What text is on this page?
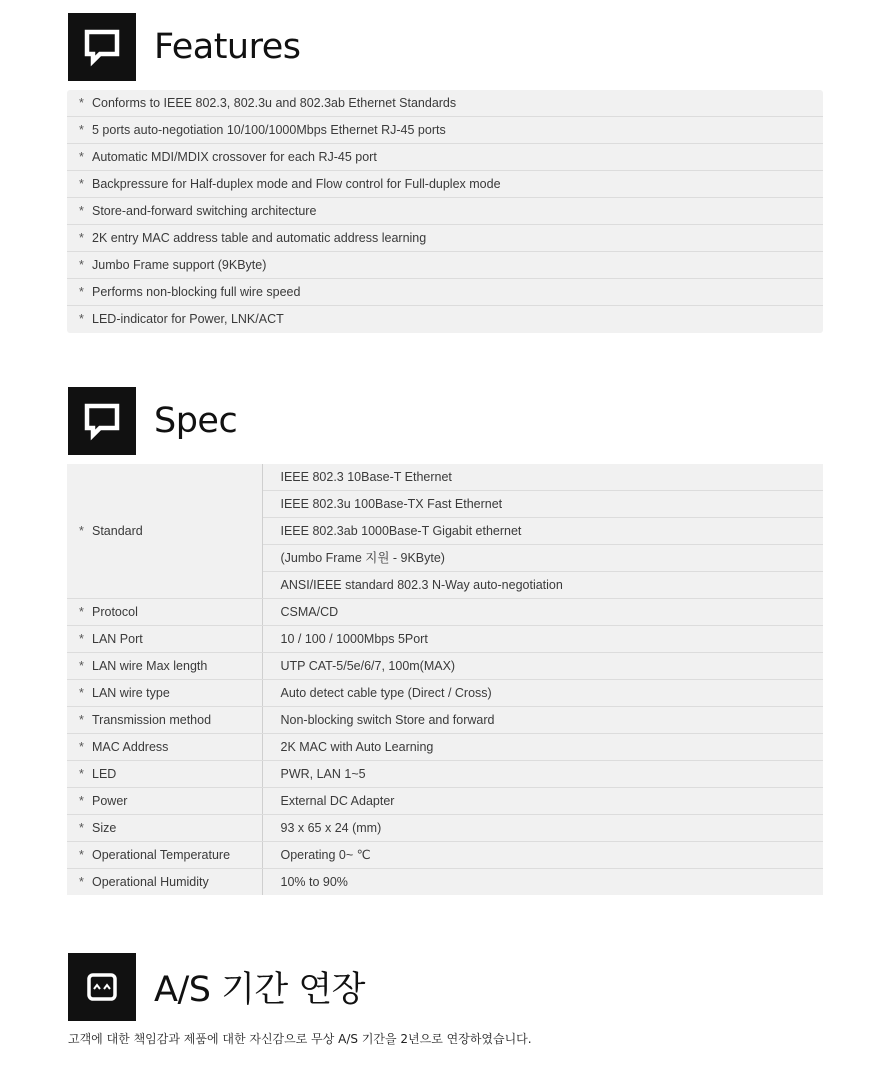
Features
* Conforms to IEEE 802.3, 802.3u and 802.3ab Ethernet Standards
* 5 ports auto-negotiation 10/100/1000Mbps Ethernet RJ-45 ports
* Automatic MDI/MDIX crossover for each RJ-45 port
* Backpressure for Half-duplex mode and Flow control for Full-duplex mode
* Store-and-forward switching architecture
* 2K entry MAC address table and automatic address learning
* Jumbo Frame support (9KByte)
* Performs non-blocking full wire speed
* LED-indicator for Power, LNK/ACT
Spec
* Standard	IEEE 802.3 10Base-T Ethernet
	IEEE 802.3u 100Base-TX Fast Ethernet
	IEEE 802.3ab 1000Base-T Gigabit ethernet
	(Jumbo Frame 지원 - 9KByte)
	ANSI/IEEE standard 802.3 N-Way auto-negotiation
* Protocol	CSMA/CD
* LAN Port	10 / 100 / 1000Mbps 5Port
* LAN wire Max length	UTP CAT-5/5e/6/7, 100m(MAX)
* LAN wire type	Auto detect cable type (Direct / Cross)
* Transmission method	Non-blocking switch Store and forward
* MAC Address	2K MAC with Auto Learning
* LED	PWR, LAN 1~5
* Power	External DC Adapter
* Size	93 x 65 x 24 (mm)
* Operational Temperature	Operating 0~ ℃
* Operational Humidity	10% to 90%
A/S 기간 연장
고객에 대한 책임감과 제품에 대한 자신감으로 무상 A/S 기간을 2년으로 연장하였습니다.
